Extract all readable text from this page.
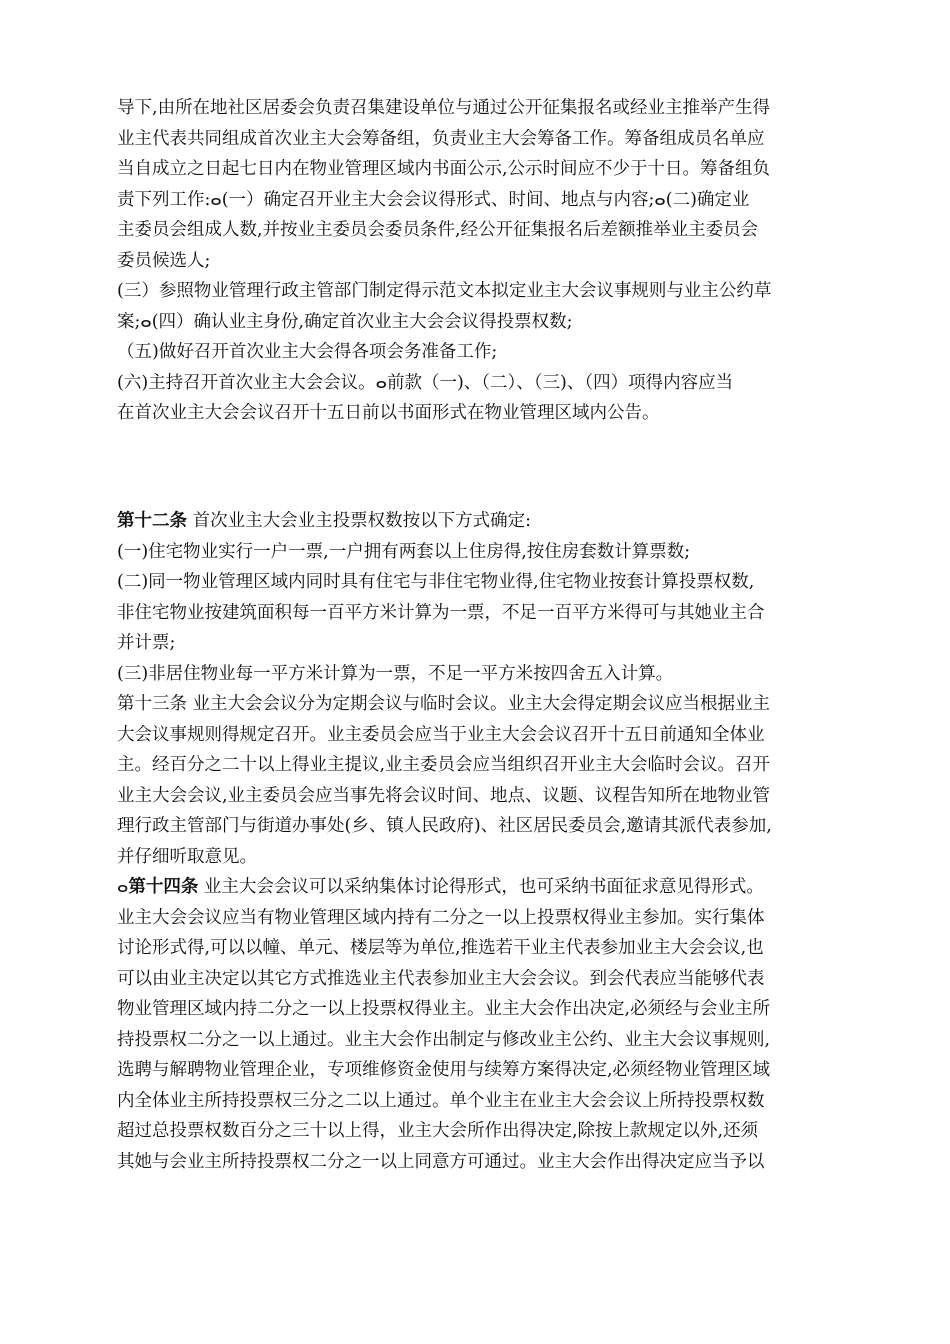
导下,由所在地社区居委会负责召集建设单位与通过公开征集报名或经业主推举产生得
业主代表共同组成首次业主大会筹备组，负责业主大会筹备工作。筹备组成员名单应
当自成立之日起七日内在物业管理区域内书面公示,公示时间应不少于十日。筹备组负
责下列工作:ⴰ(一）确定召开业主大会会议得形式、时间、地点与内容;ⴰ(二)确定业
主委员会组成人数,并按业主委员会委员条件,经公开征集报名后差额推举业主委员会
委员候选人;
(三）参照物业管理行政主管部门制定得示范文本拟定业主大会议事规则与业主公约草
案;ⴰ(四）确认业主身份,确定首次业主大会会议得投票权数;
（五)做好召开首次业主大会得各项会务准备工作;
(六)主持召开首次业主大会会议。ⴰ前款（一)、（二）、（三)、（四）项得内容应当
在首次业主大会会议召开十五日前以书面形式在物业管理区域内公告。
第十二条 首次业主大会业主投票权数按以下方式确定:
(一)住宅物业实行一户一票,一户拥有两套以上住房得,按住房套数计算票数;
(二)同一物业管理区域内同时具有住宅与非住宅物业得,住宅物业按套计算投票权数,
非住宅物业按建筑面积每一百平方米计算为一票，不足一百平方米得可与其她业主合
并计票;
(三)非居住物业每一平方米计算为一票，不足一平方米按四舍五入计算。
第十三条 业主大会会议分为定期会议与临时会议。业主大会得定期会议应当根据业主
大会议事规则得规定召开。业主委员会应当于业主大会会议召开十五日前通知全体业
主。经百分之二十以上得业主提议,业主委员会应当组织召开业主大会临时会议。召开
业主大会会议,业主委员会应当事先将会议时间、地点、议题、议程告知所在地物业管
理行政主管部门与街道办事处(乡、镇人民政府)、社区居民委员会,邀请其派代表参加,
并仔细听取意见。
ⴰ第十四条 业主大会会议可以采纳集体讨论得形式，也可采纳书面征求意见得形式。
业主大会会议应当有物业管理区域内持有二分之一以上投票权得业主参加。实行集体
讨论形式得,可以以幢、单元、楼层等为单位,推选若干业主代表参加业主大会会议,也
可以由业主决定以其它方式推选业主代表参加业主大会会议。到会代表应当能够代表
物业管理区域内持二分之一以上投票权得业主。业主大会作出决定,必须经与会业主所
持投票权二分之一以上通过。业主大会作出制定与修改业主公约、业主大会议事规则,
选聘与解聘物业管理企业，专项维修资金使用与续筹方案得决定,必须经物业管理区域
内全体业主所持投票权三分之二以上通过。单个业主在业主大会会议上所持投票权数
超过总投票权数百分之三十以上得，业主大会所作出得决定,除按上款规定以外,还须
其她与会业主所持投票权二分之一以上同意方可通过。业主大会作出得决定应当予以
